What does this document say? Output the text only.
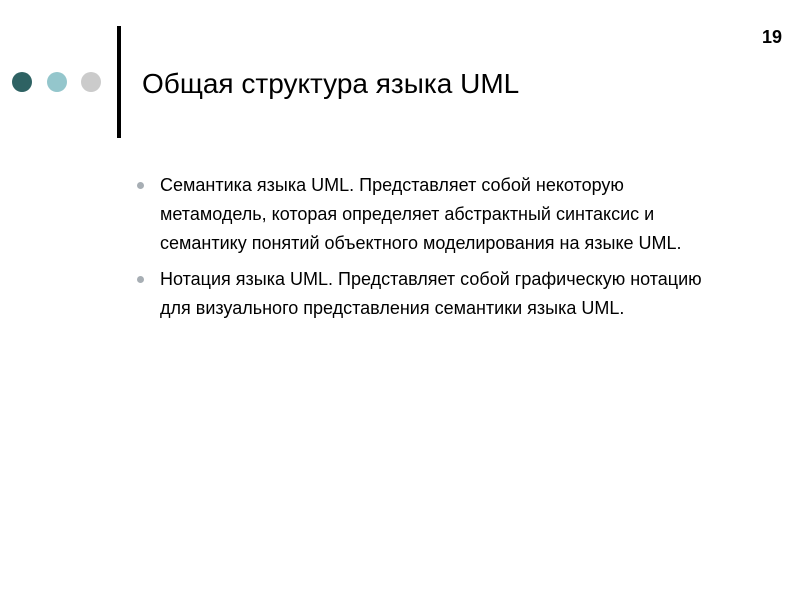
19
Общая структура языка UML
Семантика языка UML. Представляет собой некоторую метамодель, которая определяет абстрактный синтаксис и семантику понятий объектного моделирования на языке UML.
Нотация языка UML. Представляет собой графическую нотацию для визуального представления семантики языка UML.
